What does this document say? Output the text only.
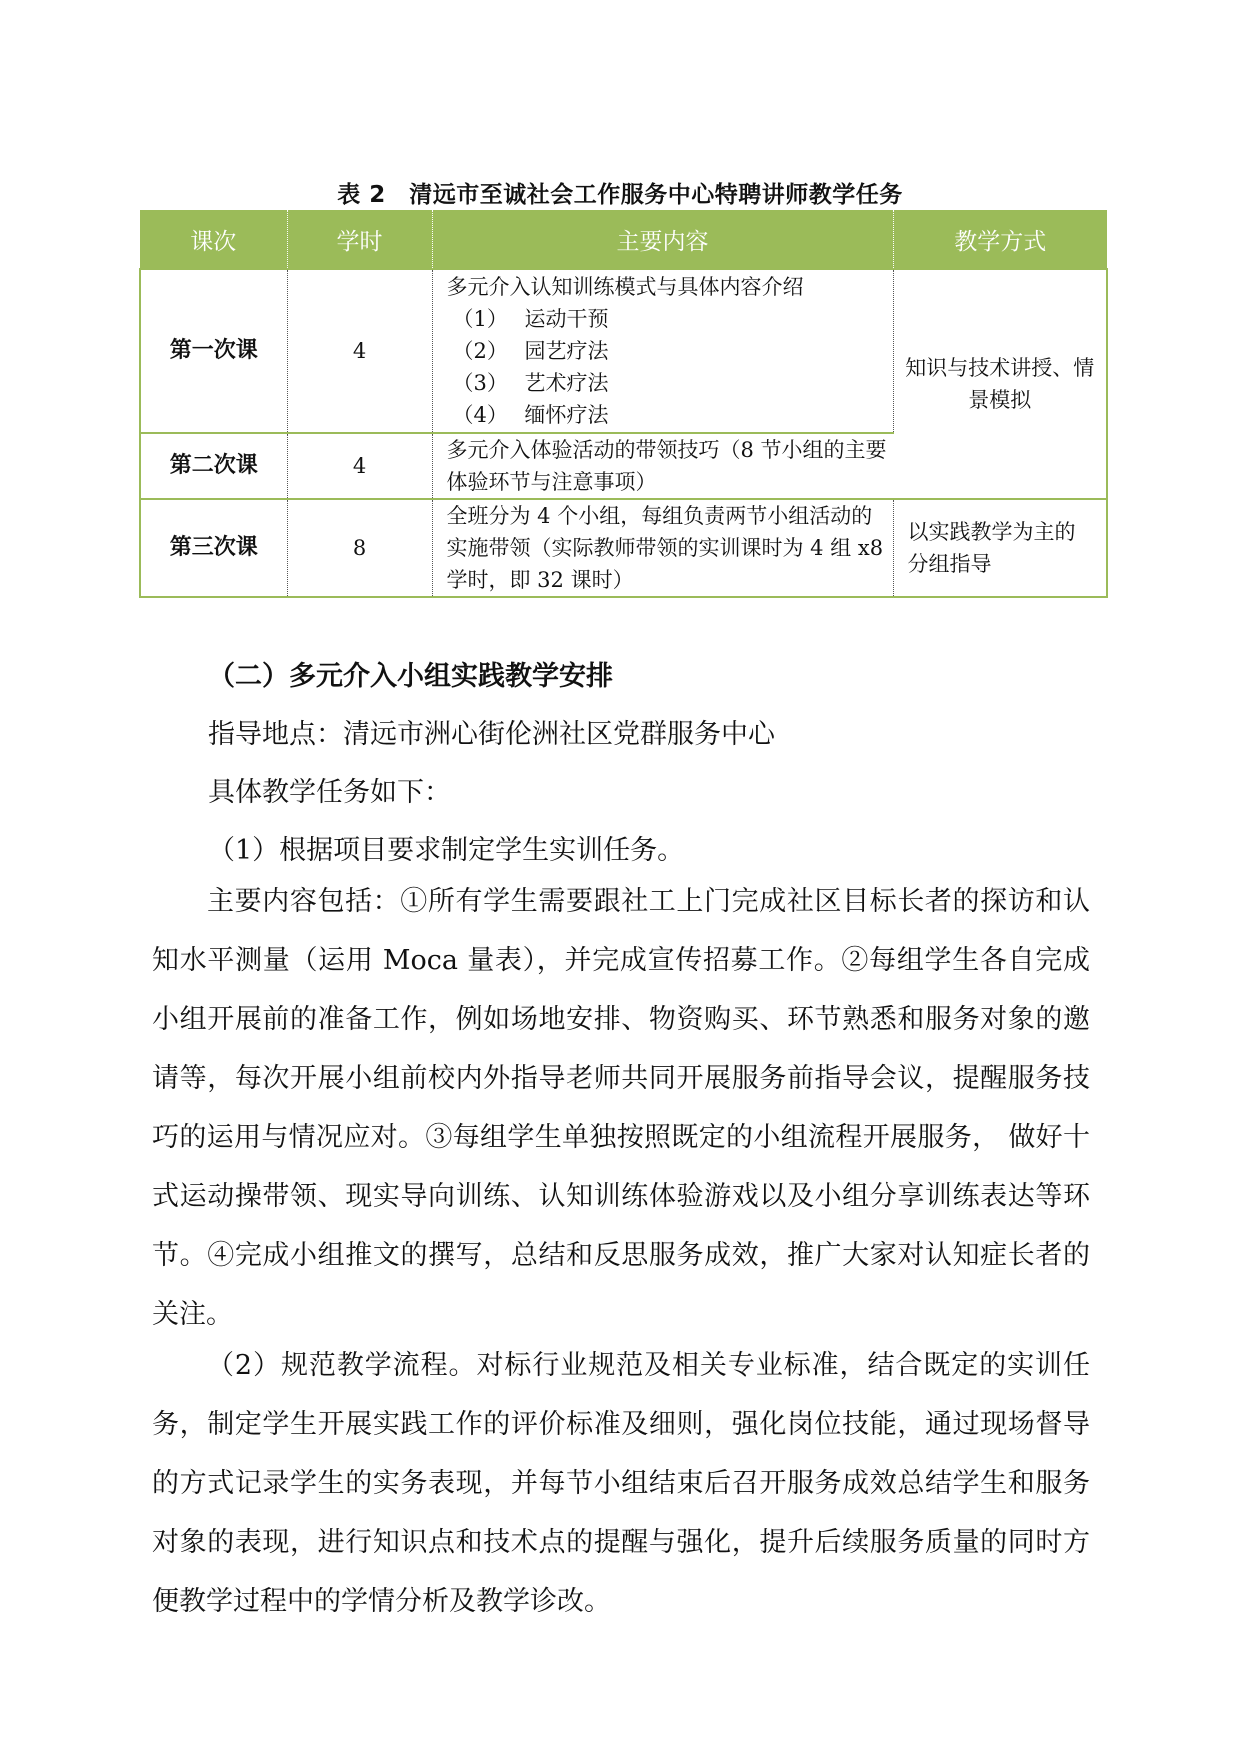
表 2　清远市至诚社会工作服务中心特聘讲师教学任务
课次	学时	主要内容	教学方式
第一次课	4	多元介入认知训练模式与具体内容介绍
（1） 运动干预
（2） 园艺疗法
（3） 艺术疗法
（4） 缅怀疗法	知识与技术讲授、情景模拟
第二次课	4	多元介入体验活动的带领技巧（8 节小组的主要体验环节与注意事项）	
第三次课	8	全班分为 4 个小组，每组负责两节小组活动的实施带领（实际教师带领的实训课时为 4 组 x8 学时，即 32 课时）	以实践教学为主的分组指导
（二）多元介入小组实践教学安排

指导地点：清远市洲心街伦洲社区党群服务中心

具体教学任务如下：

（1）根据项目要求制定学生实训任务。

主要内容包括：①所有学生需要跟社工上门完成社区目标长者的探访和认知水平测量（运用 Moca 量表），并完成宣传招募工作。②每组学生各自完成小组开展前的准备工作，例如场地安排、物资购买、环节熟悉和服务对象的邀请等，每次开展小组前校内外指导老师共同开展服务前指导会议，提醒服务技巧的运用与情况应对。③每组学生单独按照既定的小组流程开展服务， 做好十式运动操带领、现实导向训练、认知训练体验游戏以及小组分享训练表达等环节。④完成小组推文的撰写，总结和反思服务成效，推广大家对认知症长者的关注。

（2）规范教学流程。对标行业规范及相关专业标准，结合既定的实训任务，制定学生开展实践工作的评价标准及细则，强化岗位技能，通过现场督导的方式记录学生的实务表现，并每节小组结束后召开服务成效总结学生和服务对象的表现，进行知识点和技术点的提醒与强化，提升后续服务质量的同时方便教学过程中的学情分析及教学诊改。
